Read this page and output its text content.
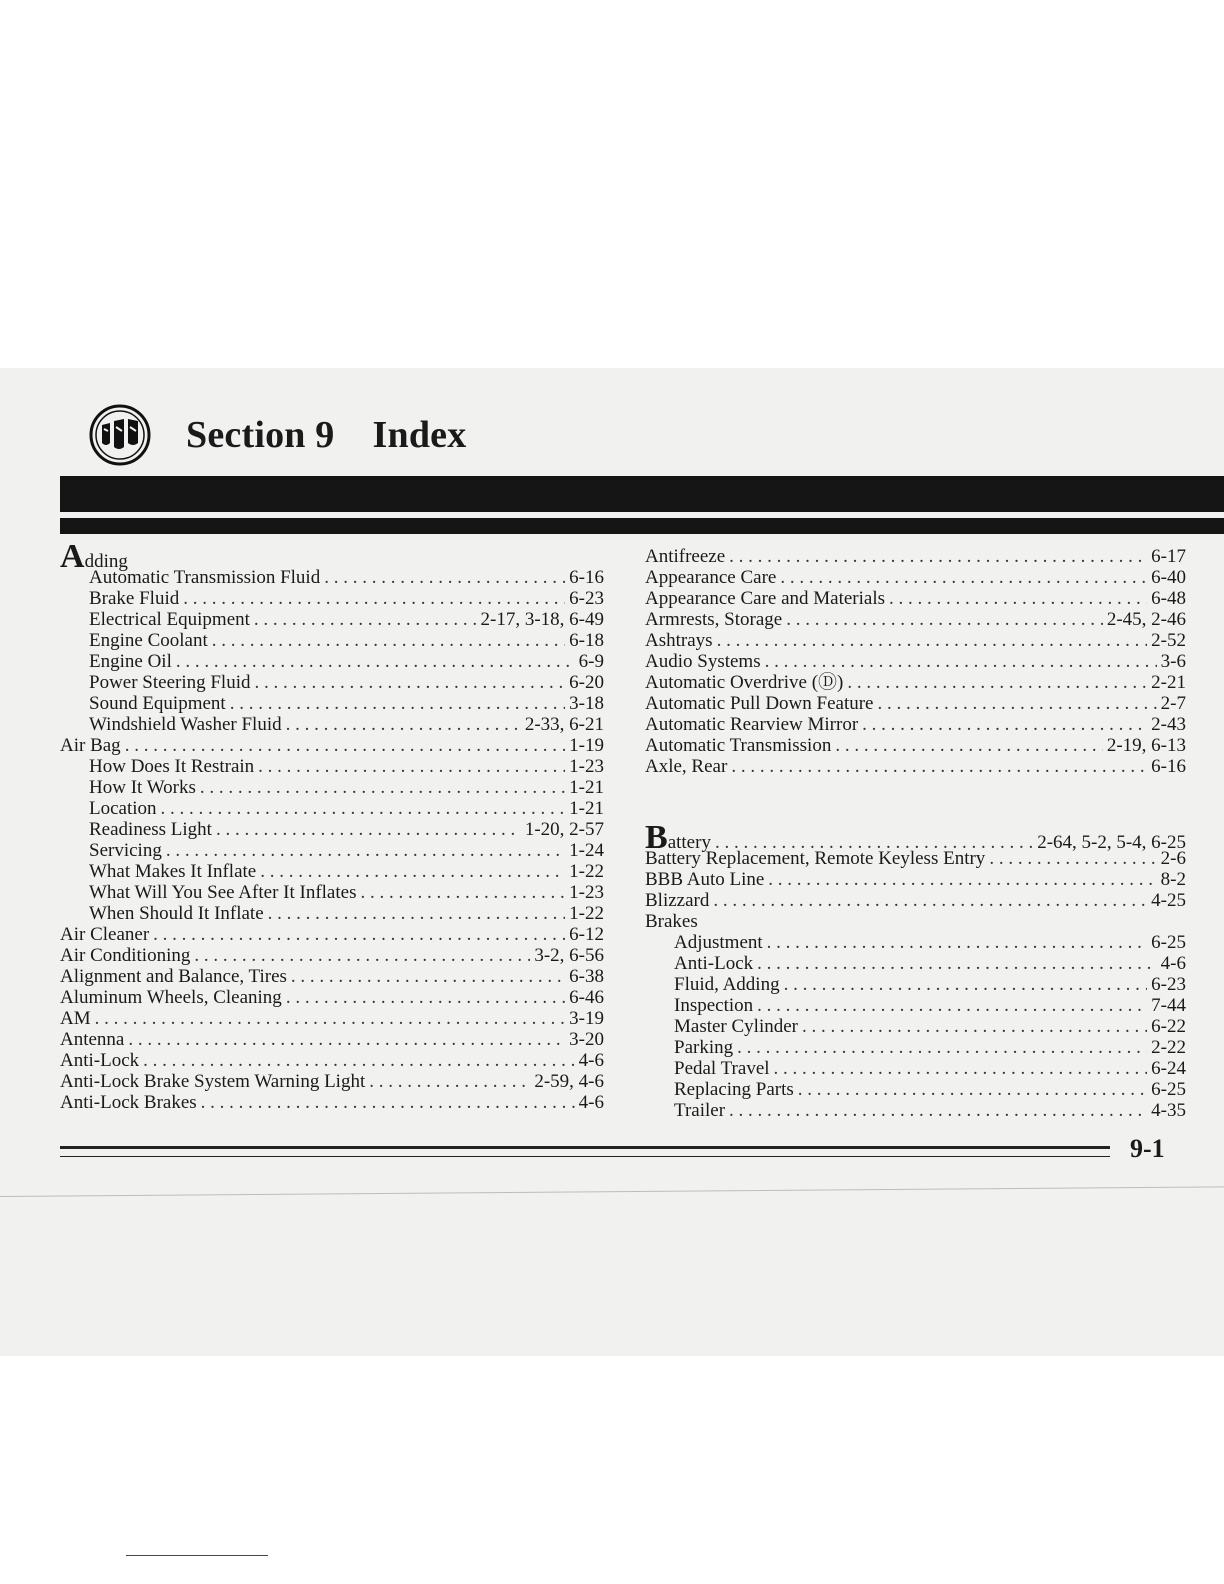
Section 9 Index
Adding
Automatic Transmission Fluid . . .	6-16
Brake Fluid . . .	6-23
Electrical Equipment . . .	2-17, 3-18, 6-49
Engine Coolant . . .	6-18
Engine Oil . . .	6-9
Power Steering Fluid . . .	6-20
Sound Equipment . . .	3-18
Windshield Washer Fluid . . .	2-33, 6-21
Air Bag . . .	1-19
How Does It Restrain . . .	1-23
How It Works . . .	1-21
Location . . .	1-21
Readiness Light . . .	1-20, 2-57
Servicing . . .	1-24
What Makes It Inflate . . .	1-22
What Will You See After It Inflates . . .	1-23
When Should It Inflate . . .	1-22
Air Cleaner . . .	6-12
Air Conditioning . . .	3-2, 6-56
Alignment and Balance, Tires . . .	6-38
Aluminum Wheels, Cleaning . . .	6-46
AM . . .	3-19
Antenna . . .	3-20
Anti-Lock . . .	4-6
Anti-Lock Brake System Warning Light . . .	2-59, 4-6
Anti-Lock Brakes . . .	4-6
Antifreeze . . .	6-17
Appearance Care . . .	6-40
Appearance Care and Materials . . .	6-48
Armrests, Storage . . .	2-45, 2-46
Ashtrays . . .	2-52
Audio Systems . . .	3-6
Automatic Overdrive (Ⓓ) . . .	2-21
Automatic Pull Down Feature . . .	2-7
Automatic Rearview Mirror . . .	2-43
Automatic Transmission . . .	2-19, 6-13
Axle, Rear . . .	6-16
Battery . . .	2-64, 5-2, 5-4, 6-25
Battery Replacement, Remote Keyless Entry . . .	2-6
BBB Auto Line . . .	8-2
Blizzard . . .	4-25
Brakes
Adjustment . . .	6-25
Anti-Lock . . .	4-6
Fluid, Adding . . .	6-23
Inspection . . .	7-44
Master Cylinder . . .	6-22
Parking . . .	2-22
Pedal Travel . . .	6-24
Replacing Parts . . .	6-25
Trailer . . .	4-35
9-1
